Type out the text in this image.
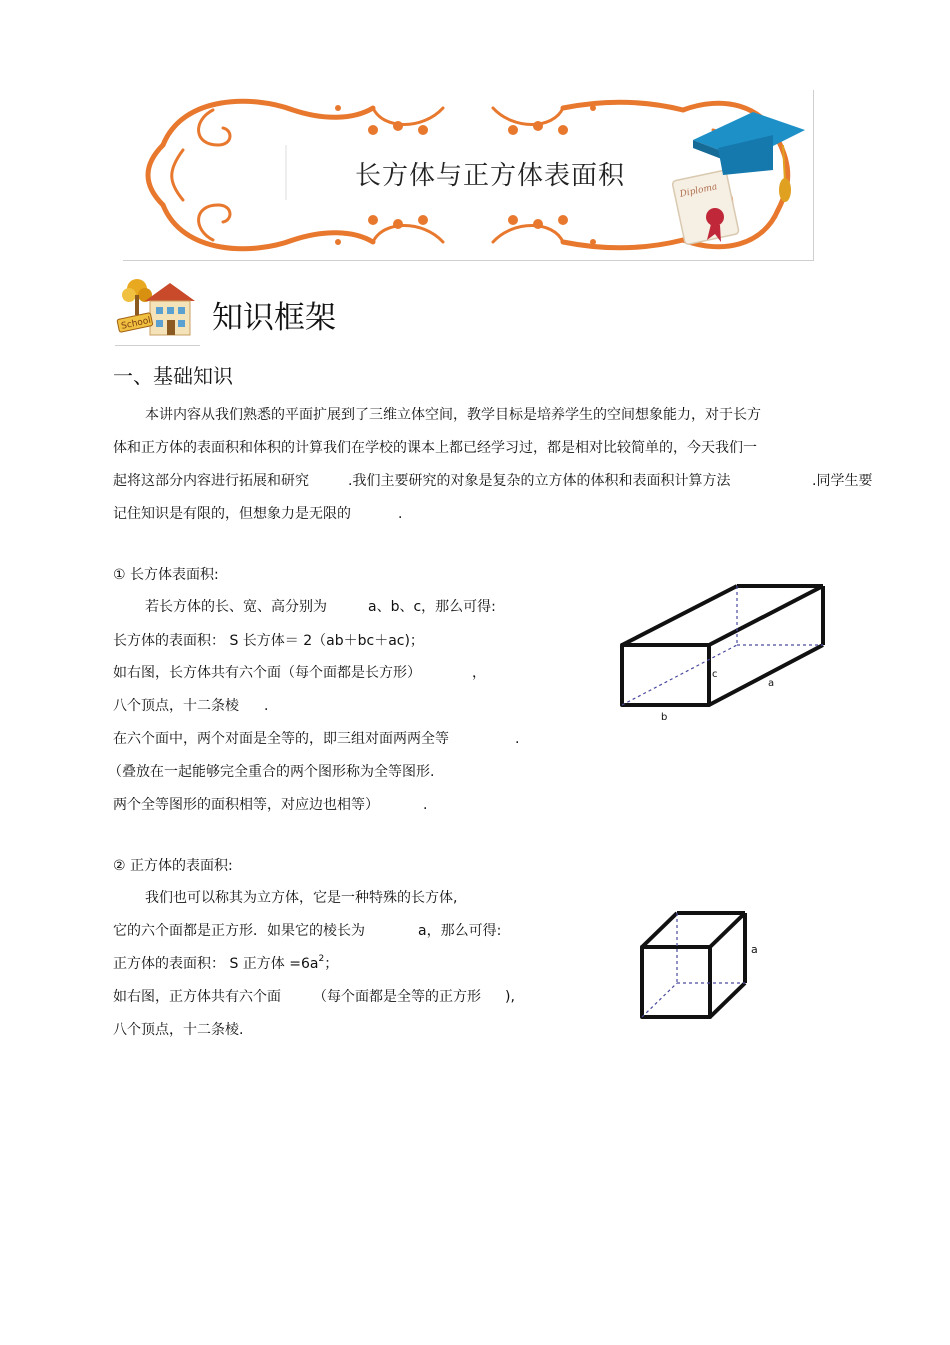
Diploma
长方体与正方体表面积
School 知识框架
一、基础知识
本讲内容从我们熟悉的平面扩展到了三维立体空间，教学目标是培养学生的空间想象能力，对于长方
体和正方体的表面积和体积的计算我们在学校的课本上都已经学习过，都是相对比较简单的，今天我们一
起将这部分内容进行拓展和研究	.我们主要研究的对象是复杂的立方体的体积和表面积计算方法	.同学生要
记住知识是有限的，但想象力是无限的	.
① 长方体表面积:
若长方体的长、宽、高分别为	a、b、c，那么可得:
长方体的表面积： S 长方体＝ 2（ab＋bc＋ac)；
如右图，长方体共有六个面（每个面都是长方形）	，
八个顶点，十二条棱 .
在六个面中，两个对面是全等的，即三组对面两两全等	.
（叠放在一起能够完全重合的两个图形称为全等图形.
两个全等图形的面积相等，对应边也相等）	.
c
a
b
② 正方体的表面积:
我们也可以称其为立方体，它是一种特殊的长方体,
它的六个面都是正方形．如果它的棱长为	a，那么可得:
正方体的表面积： S 正方体 $=6a^2$；
如右图，正方体共有六个面 （每个面都是全等的正方形 ),
八个顶点，十二条棱.
a
